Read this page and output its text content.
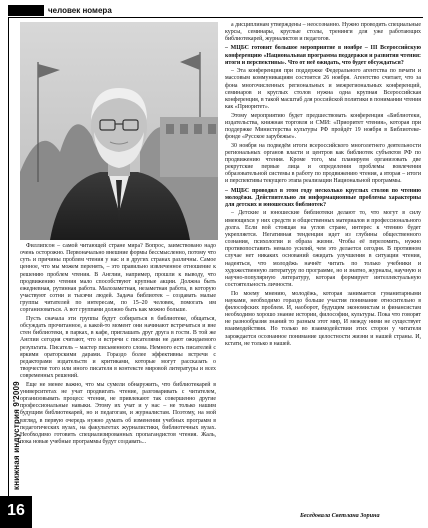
человек номера
книжная индустрия 9'2009
16

Филлипсон – самой читающей стране мира? Вопрос, заимствовано надо очень осторожно. Первоначально внешние формы бессмысленно, потому что суть и причины проблем чтения у нас и в других странах различны. Самое ценное, что мы можем перенять, – это правильно извлеченное отношение к решению проблем чтения. В Англии, например, прошли к выводу, что продвижению чтения мало способствуют крупные акции. Должна быть ежедневная, рутинная работа. Малозаметная, незаметная работа, в которую участвуют сотни и тысячи людей. Задача библиотек – создавать малые группы читателей по интересам, по 15–20 человек, помогать им сорганизоваться. А вот группами должно быть как можно больше.

Пусть сначала эти группы будут собираться в библиотеке, общаться, обсуждать прочитанное, а какой-то момент они начинают встречаться и вне стен библиотеки, в парках, в кафе, приглашать друг друга в гости. В той же Англии сегодня считают, что и встречи с писателями не дают ожидаемого результата. Писатель – мастер письменного слова. Немного есть писателей с яркими ораторскими дарами. Гораздо более эффективны встречи с редакторами издательств и критиками, которые могут рассказать о творчестве того или иного писателя в контексте мировой литературы и всех современных решений.

Еще не менее важно, что мы сумели обнаружить, что библиотекарей в университетах не учат продвигать чтение, разговаривать с читателем, организовывать процесс чтения, не привлекают так совершенно другие профессиональные навыки. Этому их учат и у нас – не только нашим будущим библиотекарей, но и педагогам, и журналистам. Поэтому, на мой взгляд, в первую очередь нужно думать об изменении учебных программ в педагогических вузах, на факультетах журналистики, библиотечных вузах. Необходимо готовить специализированных пропагандистов чтения. Жаль, пока новые учебные программы будут создавать...

а дисциплинам утверждены – неосознанно. Нужно проводить специальные курсы, семинары, круглые столы, тренинги для уже работающих библиотекарей, журналистов и педагогов.

– МЦБС готовит большое мероприятие в ноябре – III Всероссийскую конференцию «Национальная программа поддержки и развития чтения: итоги и перспективы». Что от неё ожидать, что будет обсуждаться?

– Эта конференция при поддержке Федерального агентства по печати и массовым коммуникациям состоится 26 ноября. Агентство считает, что за фона многочисленных региональных и межрегиональных конференций, семинаров и круглых столов нужна одна крупная Всероссийская конференция, в такой масштаб для российской политики в понимании чтения как «Приоритет».

Этому мероприятию будет предшествовать конференция «Библиотеки, издательства, книжная торговля и СМИ: «Приоритет чтения», которая при поддержке Министерства культуры РФ пройдёт 19 ноября в Библиотеке-фонде «Русское зарубежье».

30 ноября на подведём итоги всероссийского многолетнего деятельности региональных органов власти и центров как библиотек субъектов РФ по продвижению чтения. Кроме того, мы планируем организовать две рекрутские первые лица и определения проблемы вовлечения образовательной системы в работу по продвижению чтения, а вторая – итоги и перспективы текущего этапа реализации Национальной программы.

– МЦБС проводил в этом году несколько круглых столов по чтению молодёжи. Действительно ли информационные проблемы характерны для детских и юношеских библиотек?

– Детские и юношеские библиотеки делают то, что могут в силу имеющихся у них средств и общественных материалов и профессионального долга. Если вой стоящая на углов стране, интерес к чтению будет укрепляется. Негативная тенденция идет из глубины общественного сознания, психологии и образа жизни. Чтобы её переломить, нужно противопоставить немало усилий, чем это делается сегодня. В противном случае нет никаких оснований ожидать улучшения в ситуации чтения, надеяться, что молодёжь начнёт читать по только учебники и художественную литературу по программе, но и знатно, журналы, научную и научно-популярную литературу, которая формирует интеллектуальную состоятельность личности.

По моему мнению, молодёжь, которая занимается гуманитарными науками, необходимо гораздо больше участия понимание относительно в философских проблем. И, наоборот, будущим экономистам и финансистам необходимо хорошо знание истории, философии, культуры. Пока что говорят не разнообразия знаний то разным этот мир, И между ними не существует взаимодействия. Но только во взаимодействии этих сторон у читателя зарождается осознанное понимание целостности жизни и нашей страны. И, кстати, не только в нашей.

Беседовала Светлана Зорина
